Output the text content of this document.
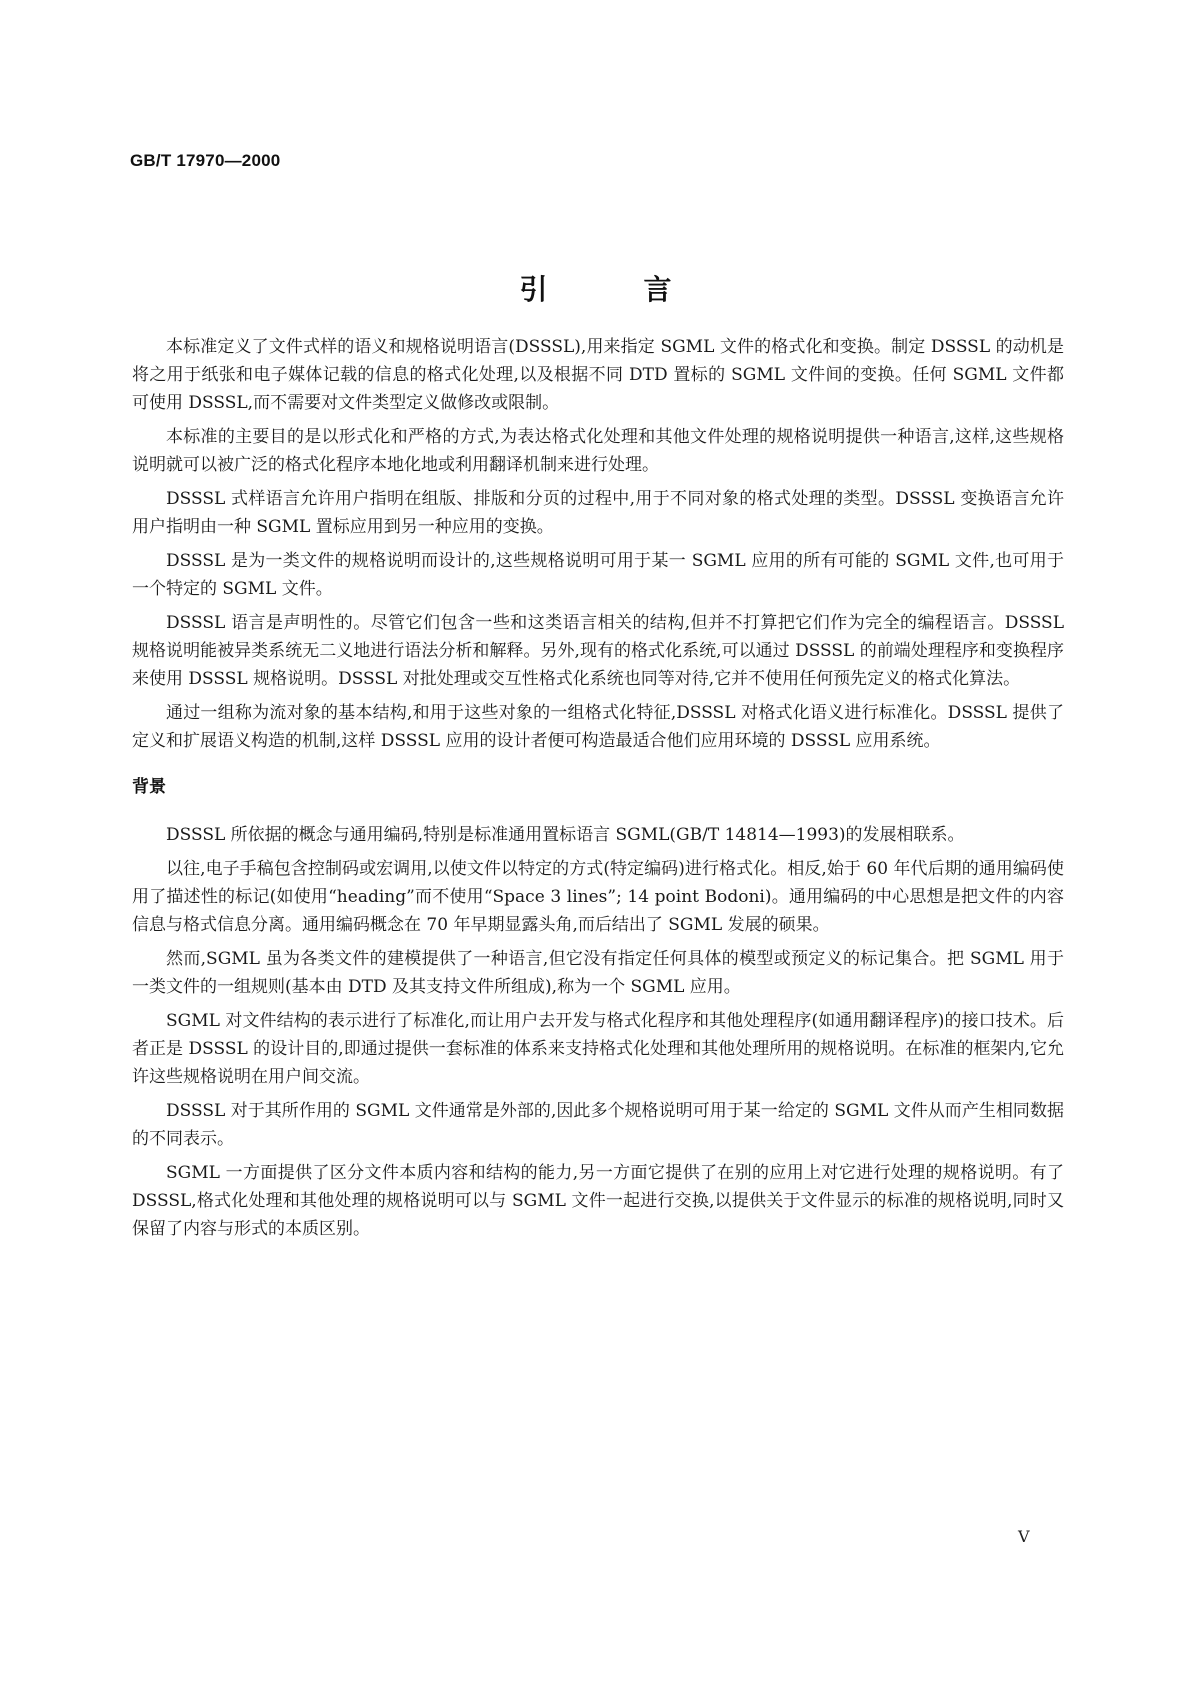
GB/T 17970—2000
引	言

本标准定义了文件式样的语义和规格说明语言(DSSSL),用来指定 SGML 文件的格式化和变换。制定 DSSSL 的动机是将之用于纸张和电子媒体记载的信息的格式化处理,以及根据不同 DTD 置标的 SGML 文件间的变换。任何 SGML 文件都可使用 DSSSL,而不需要对文件类型定义做修改或限制。

本标准的主要目的是以形式化和严格的方式,为表达格式化处理和其他文件处理的规格说明提供一种语言,这样,这些规格说明就可以被广泛的格式化程序本地化地或利用翻译机制来进行处理。

DSSSL 式样语言允许用户指明在组版、排版和分页的过程中,用于不同对象的格式处理的类型。DSSSL 变换语言允许用户指明由一种 SGML 置标应用到另一种应用的变换。

DSSSL 是为一类文件的规格说明而设计的,这些规格说明可用于某一 SGML 应用的所有可能的 SGML 文件,也可用于一个特定的 SGML 文件。

DSSSL 语言是声明性的。尽管它们包含一些和这类语言相关的结构,但并不打算把它们作为完全的编程语言。DSSSL 规格说明能被异类系统无二义地进行语法分析和解释。另外,现有的格式化系统,可以通过 DSSSL 的前端处理程序和变换程序来使用 DSSSL 规格说明。DSSSL 对批处理或交互性格式化系统也同等对待,它并不使用任何预先定义的格式化算法。

通过一组称为流对象的基本结构,和用于这些对象的一组格式化特征,DSSSL 对格式化语义进行标准化。DSSSL 提供了定义和扩展语义构造的机制,这样 DSSSL 应用的设计者便可构造最适合他们应用环境的 DSSSL 应用系统。

背景

DSSSL 所依据的概念与通用编码,特别是标准通用置标语言 SGML(GB/T 14814—1993)的发展相联系。

以往,电子手稿包含控制码或宏调用,以使文件以特定的方式(特定编码)进行格式化。相反,始于 60 年代后期的通用编码使用了描述性的标记(如使用“heading”而不使用“Space 3 lines”; 14 point Bodoni)。通用编码的中心思想是把文件的内容信息与格式信息分离。通用编码概念在 70 年早期显露头角,而后结出了 SGML 发展的硕果。

然而,SGML 虽为各类文件的建模提供了一种语言,但它没有指定任何具体的模型或预定义的标记集合。把 SGML 用于一类文件的一组规则(基本由 DTD 及其支持文件所组成),称为一个 SGML 应用。

SGML 对文件结构的表示进行了标准化,而让用户去开发与格式化程序和其他处理程序(如通用翻译程序)的接口技术。后者正是 DSSSL 的设计目的,即通过提供一套标准的体系来支持格式化处理和其他处理所用的规格说明。在标准的框架内,它允许这些规格说明在用户间交流。

DSSSL 对于其所作用的 SGML 文件通常是外部的,因此多个规格说明可用于某一给定的 SGML 文件从而产生相同数据的不同表示。

SGML 一方面提供了区分文件本质内容和结构的能力,另一方面它提供了在别的应用上对它进行处理的规格说明。有了 DSSSL,格式化处理和其他处理的规格说明可以与 SGML 文件一起进行交换,以提供关于文件显示的标准的规格说明,同时又保留了内容与形式的本质区别。

V
